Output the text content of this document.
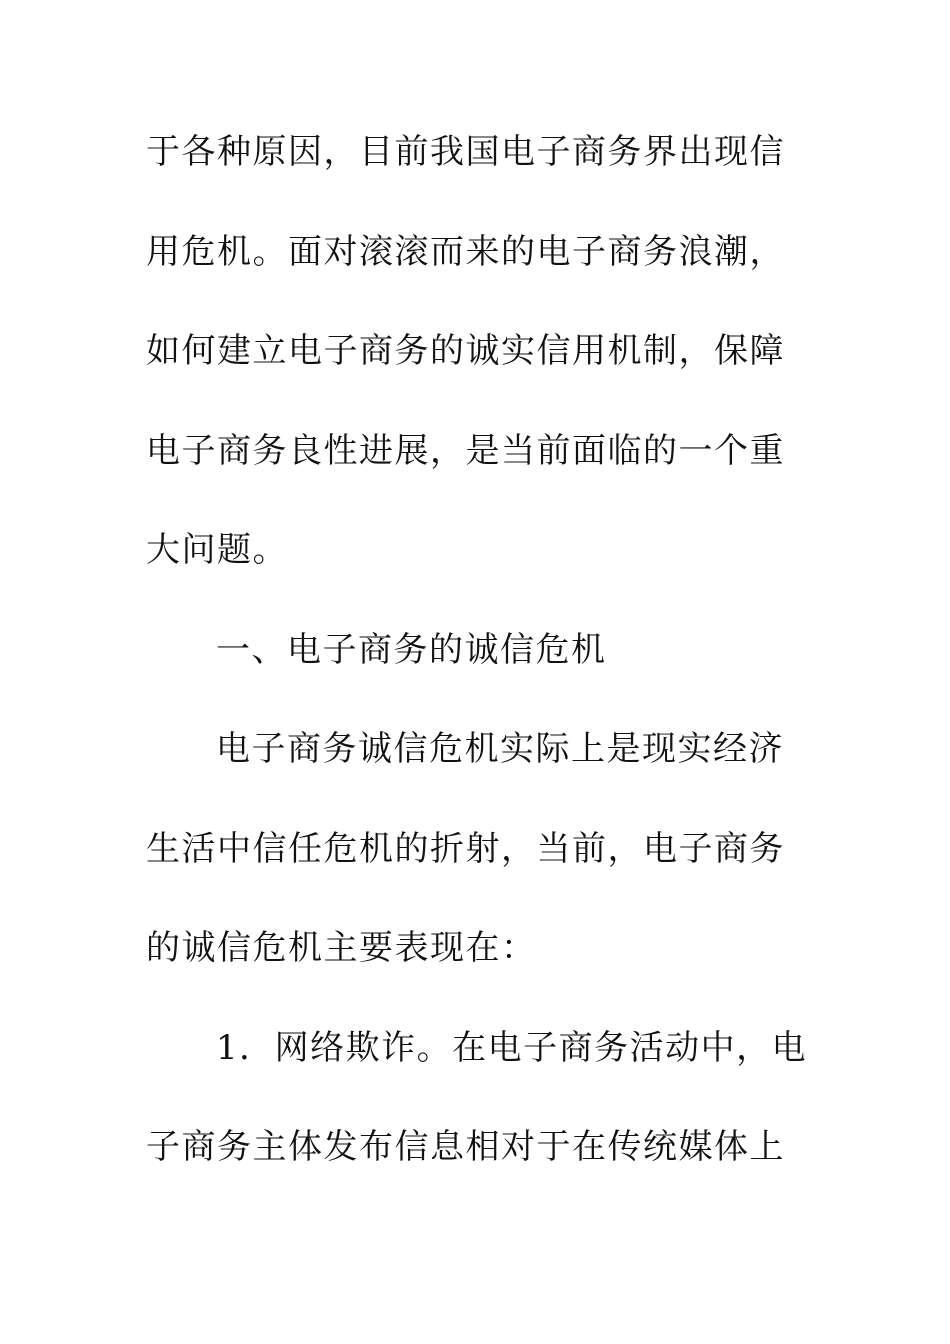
于各种原因，目前我国电子商务界出现信
用危机。面对滚滚而来的电子商务浪潮，
如何建立电子商务的诚实信用机制，保障
电子商务良性进展，是当前面临的一个重
大问题。
一、电子商务的诚信危机
电子商务诚信危机实际上是现实经济
生活中信任危机的折射，当前，电子商务
的诚信危机主要表现在：
1．网络欺诈。在电子商务活动中，电
子商务主体发布信息相对于在传统媒体上
